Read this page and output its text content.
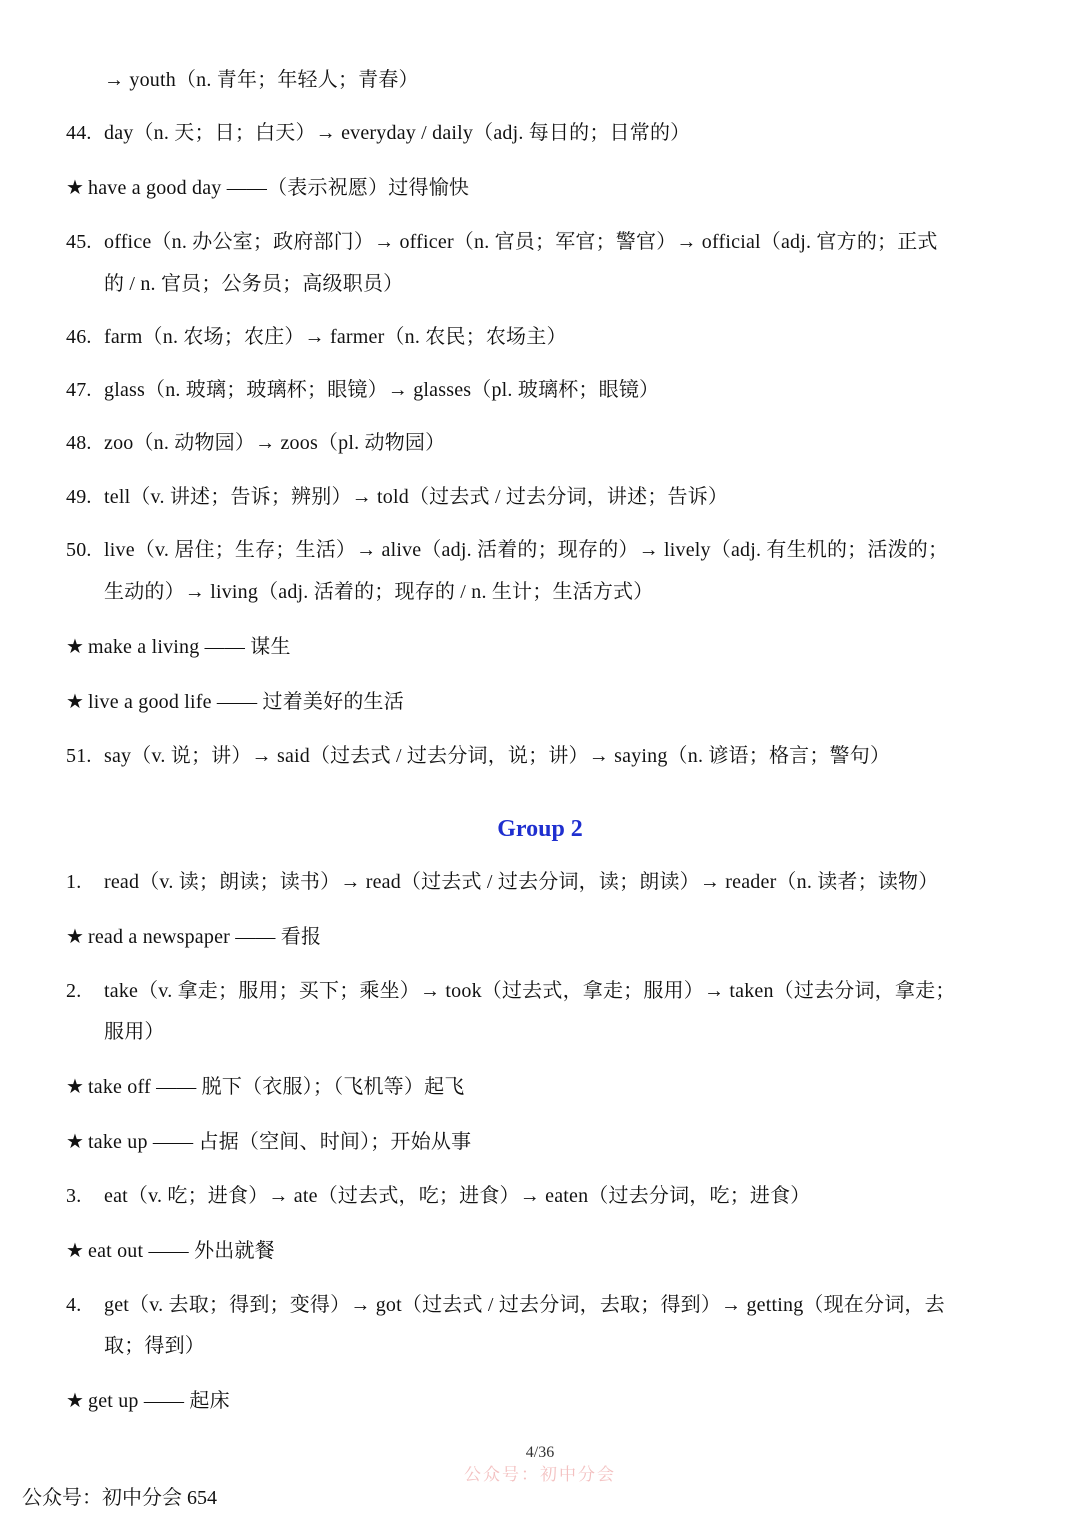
→ youth（n. 青年；年轻人；青春）
44. day（n. 天；日；白天）→ everyday / daily（adj. 每日的；日常的）
★ have a good day ——（表示祝愿）过得愉快
45. office（n. 办公室；政府部门）→ officer（n. 官员；军官；警官）→ official（adj. 官方的；正式
的 / n. 官员；公务员；高级职员）
46. farm（n. 农场；农庄）→ farmer（n. 农民；农场主）
47. glass（n. 玻璃；玻璃杯；眼镜）→ glasses（pl. 玻璃杯；眼镜）
48. zoo（n. 动物园）→ zoos（pl. 动物园）
49. tell（v. 讲述；告诉；辨别）→ told（过去式 / 过去分词，讲述；告诉）
50. live（v. 居住；生存；生活）→ alive（adj. 活着的；现存的）→ lively（adj. 有生机的；活泼的；
生动的）→ living（adj. 活着的；现存的 / n. 生计；生活方式）
★ make a living —— 谋生
★ live a good life —— 过着美好的生活
51. say（v. 说；讲）→ said（过去式 / 过去分词，说；讲）→ saying（n. 谚语；格言；警句）
1. read（v. 读；朗读；读书）→ read（过去式 / 过去分词，读；朗读）→ reader（n. 读者；读物）
★ read a newspaper —— 看报
2. take（v. 拿走；服用；买下；乘坐）→ took（过去式，拿走；服用）→ taken（过去分词，拿走；
服用）
★ take off —— 脱下（衣服）；（飞机等）起飞
★ take up —— 占据（空间、时间）；开始从事
3. eat（v. 吃；进食）→ ate（过去式，吃；进食）→ eaten（过去分词，吃；进食）
★ eat out —— 外出就餐
4. get（v. 去取；得到；变得）→ got（过去式 / 过去分词，去取；得到）→ getting（现在分词，去
取；得到）
★ get up —— 起床
Group 2
4/36
公众号：初中分会
公众号：初中分会 654
